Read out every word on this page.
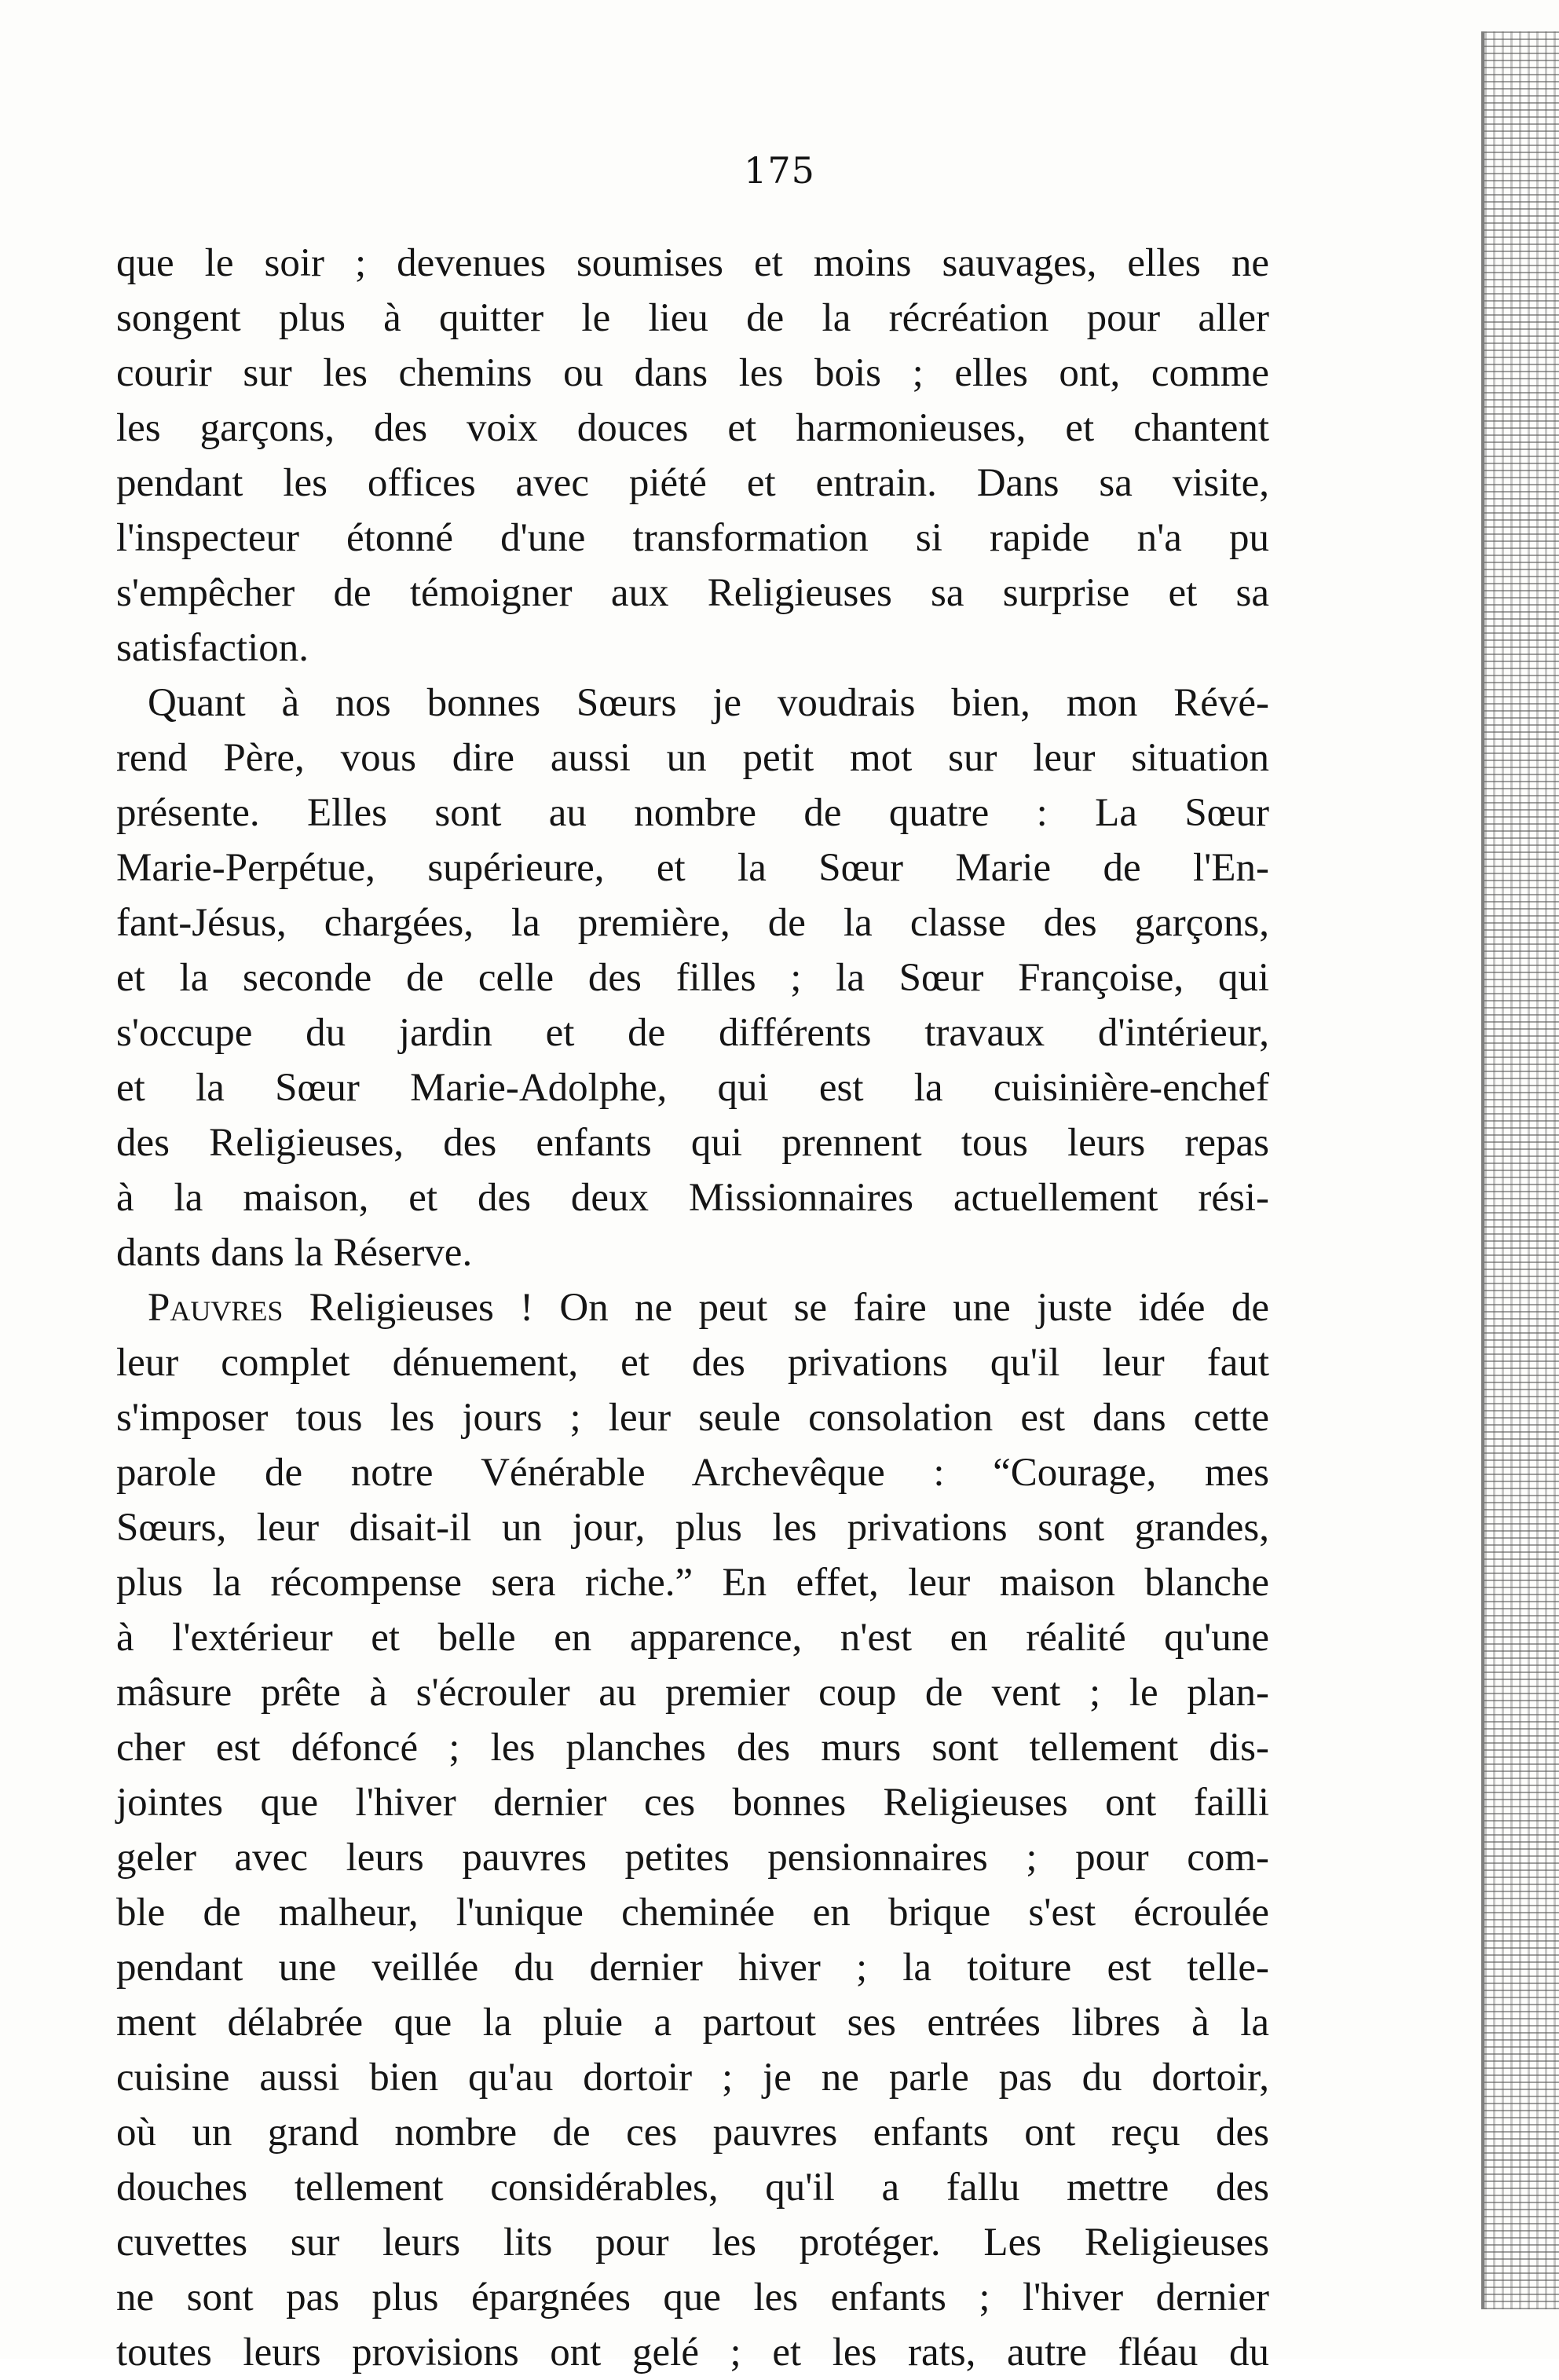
175

que le soir ; devenues soumises et moins sauvages, elles ne
songent plus à quitter le lieu de la récréation pour aller
courir sur les chemins ou dans les bois ; elles ont, comme
les garçons, des voix douces et harmonieuses, et chantent
pendant les offices avec piété et entrain. Dans sa visite,
l'inspecteur étonné d'une transformation si rapide n'a pu
s'empêcher de témoigner aux Religieuses sa surprise et sa
satisfaction.

Quant à nos bonnes Sœurs je voudrais bien, mon Révé-
rend Père, vous dire aussi un petit mot sur leur situation
présente. Elles sont au nombre de quatre : La Sœur
Marie-Perpétue, supérieure, et la Sœur Marie de l'En-
fant-Jésus, chargées, la première, de la classe des garçons,
et la seconde de celle des filles ; la Sœur Françoise, qui
s'occupe du jardin et de différents travaux d'intérieur,
et la Sœur Marie-Adolphe, qui est la cuisinière-enchef
des Religieuses, des enfants qui prennent tous leurs repas
à la maison, et des deux Missionnaires actuellement rési-
dants dans la Réserve.

Pauvres Religieuses ! On ne peut se faire une juste idée de
leur complet dénuement, et des privations qu'il leur faut
s'imposer tous les jours ; leur seule consolation est dans cette
parole de notre Vénérable Archevêque : “Courage, mes
Sœurs, leur disait-il un jour, plus les privations sont grandes,
plus la récompense sera riche.” En effet, leur maison blanche
à l'extérieur et belle en apparence, n'est en réalité qu'une
mâsure prête à s'écrouler au premier coup de vent ; le plan-
cher est défoncé ; les planches des murs sont tellement dis-
jointes que l'hiver dernier ces bonnes Religieuses ont failli
geler avec leurs pauvres petites pensionnaires ; pour com-
ble de malheur, l'unique cheminée en brique s'est écroulée
pendant une veillée du dernier hiver ; la toiture est telle-
ment délabrée que la pluie a partout ses entrées libres à la
cuisine aussi bien qu'au dortoir ; je ne parle pas du dortoir,
où un grand nombre de ces pauvres enfants ont reçu des
douches tellement considérables, qu'il a fallu mettre des
cuvettes sur leurs lits pour les protéger. Les Religieuses
ne sont pas plus épargnées que les enfants ; l'hiver dernier
toutes leurs provisions ont gelé ; et les rats, autre fléau du
